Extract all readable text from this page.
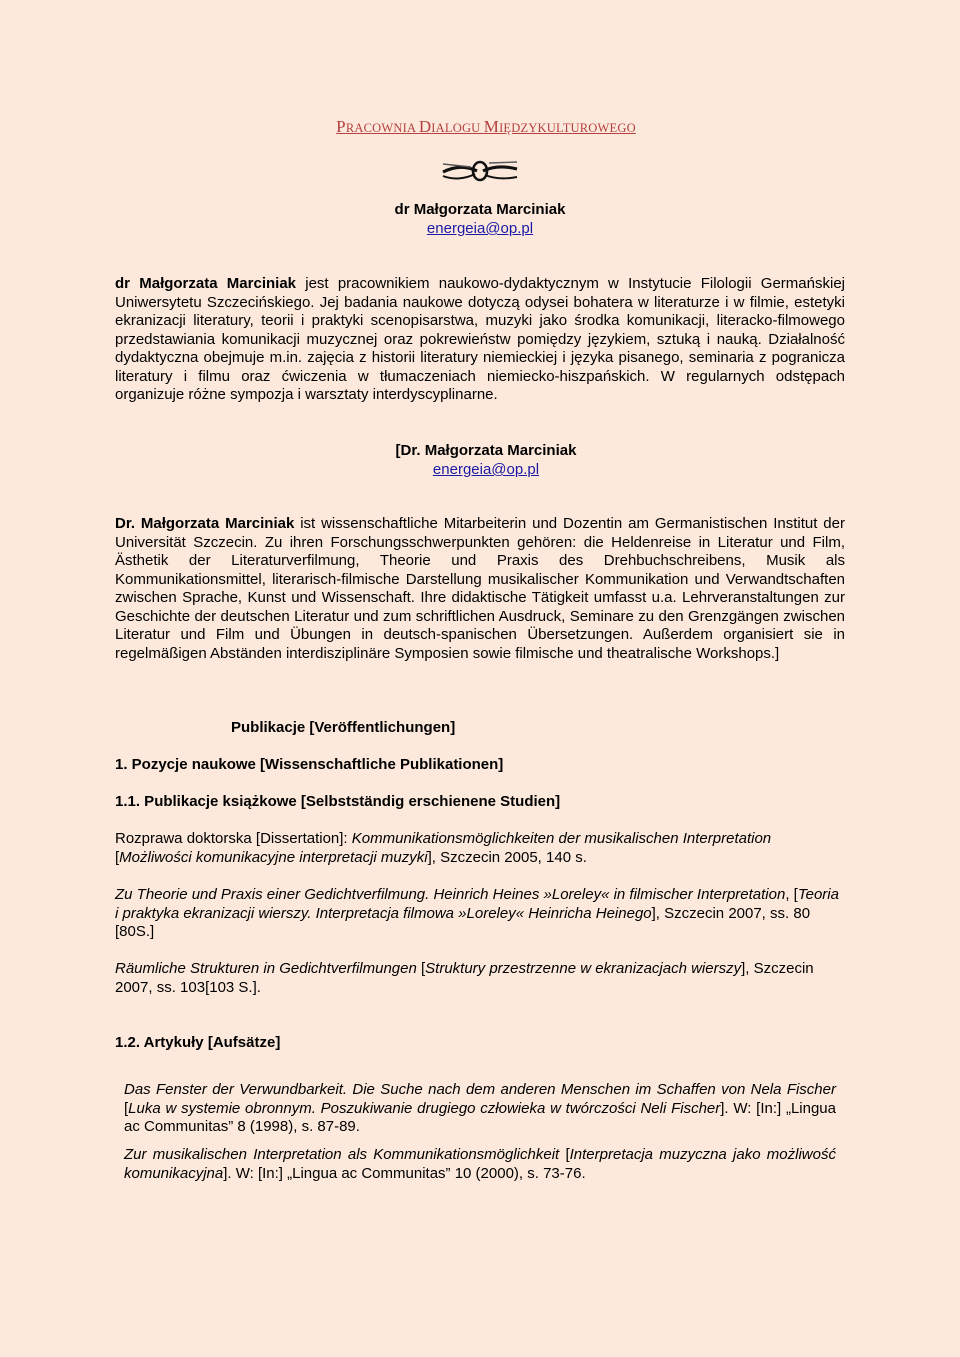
PRACOWNIA DIALOGU MIĘDZYKULTUROWEGO
dr Małgorzata Marciniak
energeia@op.pl

dr Małgorzata Marciniak jest pracownikiem naukowo-dydaktycznym w Instytucie Filologii Germańskiej Uniwersytetu Szczecińskiego. Jej badania naukowe dotyczą odysei bohatera w literaturze i w filmie, estetyki ekranizacji literatury, teorii i praktyki scenopisarstwa, muzyki jako środka komunikacji, literacko-filmowego przedstawiania komunikacji muzycznej oraz pokrewieństw pomiędzy językiem, sztuką i nauką. Działalność dydaktyczna obejmuje m.in. zajęcia z historii literatury niemieckiej i języka pisanego, seminaria z pogranicza literatury i filmu oraz ćwiczenia w tłumaczeniach niemiecko-hiszpańskich. W regularnych odstępach organizuje różne sympozja i warsztaty interdyscyplinarne.

[Dr. Małgorzata Marciniak
energeia@op.pl

Dr. Małgorzata Marciniak ist wissenschaftliche Mitarbeiterin und Dozentin am Germanistischen Institut der Universität Szczecin. Zu ihren Forschungsschwerpunkten gehören: die Heldenreise in Literatur und Film, Ästhetik der Literaturverfilmung, Theorie und Praxis des Drehbuchschreibens, Musik als Kommunikationsmittel, literarisch-filmische Darstellung musikalischer Kommunikation und Verwandtschaften zwischen Sprache, Kunst und Wissenschaft. Ihre didaktische Tätigkeit umfasst u.a. Lehrveranstaltungen zur Geschichte der deutschen Literatur und zum schriftlichen Ausdruck, Seminare zu den Grenzgängen zwischen Literatur und Film und Übungen in deutsch-spanischen Übersetzungen. Außerdem organisiert sie in regelmäßigen Abständen interdisziplinäre Symposien sowie filmische und theatralische Workshops.]

Publikacje [Veröffentlichungen]
1. Pozycje naukowe [Wissenschaftliche Publikationen]
1.1. Publikacje książkowe [Selbstständig erschienene Studien]

Rozprawa doktorska [Dissertation]: Kommunikationsmöglichkeiten der musikalischen Interpretation
[Możliwości komunikacyjne interpretacji muzyki], Szczecin 2005, 140 s.

Zu Theorie und Praxis einer Gedichtverfilmung. Heinrich Heines »Loreley« in filmischer Interpretation, [Teoria i praktyka ekranizacji wierszy. Interpretacja filmowa »Loreley« Heinricha Heinego], Szczecin 2007, ss. 80 [80S.]

Räumliche Strukturen in Gedichtverfilmungen [Struktury przestrzenne w ekranizacjach wierszy], Szczecin 2007, ss. 103[103 S.].

1.2. Artykuły [Aufsätze]

Das Fenster der Verwundbarkeit. Die Suche nach dem anderen Menschen im Schaffen von Nela Fischer [Luka w systemie obronnym. Poszukiwanie drugiego człowieka w twórczości Neli Fischer]. W: [In:] „Lingua ac Communitas” 8 (1998), s. 87-89.

Zur musikalischen Interpretation als Kommunikationsmöglichkeit [Interpretacja muzyczna jako możliwość komunikacyjna]. W: [In:] „Lingua ac Communitas” 10 (2000), s. 73-76.
